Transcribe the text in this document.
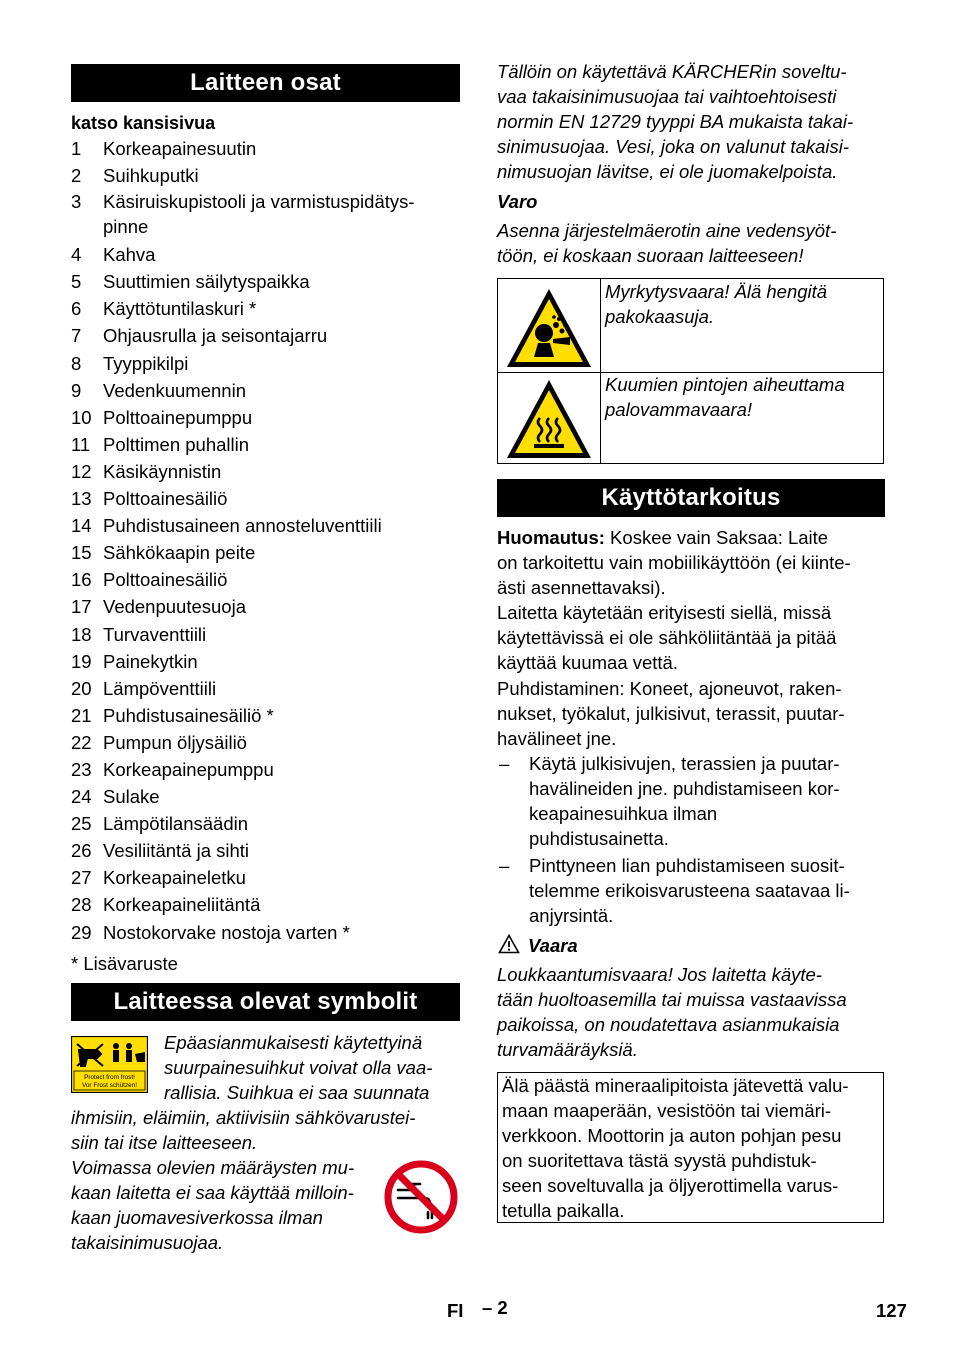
Laitteen osat
katso kansisivua
1	Korkeapainesuutin
2	Suihkuputki
3	Käsiruiskupistooli ja varmistuspidätys-
pinne
4	Kahva
5	Suuttimien säilytyspaikka
6	Käyttötuntilaskuri *
7	Ohjausrulla ja seisontajarru
8	Tyyppikilpi
9	Vedenkuumennin
10 Polttoainepumppu
11 Polttimen puhallin
12 Käsikäynnistin
13 Polttoainesäiliö
14 Puhdistusaineen annosteluventtiili
15 Sähkökaapin peite
16 Polttoainesäiliö
17 Vedenpuutesuoja
18 Turvaventtiili
19 Painekytkin
20 Lämpöventtiili
21 Puhdistusainesäiliö *
22 Pumpun öljysäiliö
23 Korkeapainepumppu
24 Sulake
25 Lämpötilansäädin
26 Vesiliitäntä ja sihti
27 Korkeapaineletku
28 Korkeapaineliitäntä
29 Nostokorvake nostoja varten *
* Lisävaruste
Laitteessa olevat symbolit
Protect from frost!
Vor Frost schützen!
Epäasianmukaisesti käytettyinä
suurpainesuihkut voivat olla vaa-
rallisia. Suihkua ei saa suunnata
ihmisiin, eläimiin, aktiivisiin sähkövarustei-
siin tai itse laitteeseen.
Voimassa olevien määräysten mu-
kaan laitetta ei saa käyttää milloin-
kaan juomavesiverkossa ilman
takaisinimusuojaa.
Tällöin on käytettävä KÄRCHERin soveltu-
vaa takaisinimusuojaa tai vaihtoehtoisesti
normin EN 12729 tyyppi BA mukaista takai-
sinimusuojaa. Vesi, joka on valunut takaisi-
nimusuojan lävitse, ei ole juomakelpoista.
Varo
Asenna järjestelmäerotin aine vedensyöt-
töön, ei koskaan suoraan laitteeseen!
Myrkytysvaara! Älä hengitä
pakokaasuja.
Kuumien pintojen aiheuttama
palovammavaara!
Käyttötarkoitus
Huomautus: Koskee vain Saksaa: Laite
on tarkoitettu vain mobiilikäyttöön (ei kiinte-
ästi asennettavaksi).
Laitetta käytetään erityisesti siellä, missä
käytettävissä ei ole sähköliitäntää ja pitää
käyttää kuumaa vettä.
Puhdistaminen: Koneet, ajoneuvot, raken-
nukset, työkalut, julkisivut, terassit, puutar-
havälineet jne.
– Käytä julkisivujen, terassien ja puutar-
havälineiden jne. puhdistamiseen kor-
keapainesuihkua ilman
puhdistusainetta.
– Pinttyneen lian puhdistamiseen suosit-
telemme erikoisvarusteena saatavaa li-
anjyrsintä.
Vaara
Loukkaantumisvaara! Jos laitetta käyte-
tään huoltoasemilla tai muissa vastaavissa
paikoissa, on noudatettava asianmukaisia
turvamääräyksiä.
Älä päästä mineraalipitoista jätevettä valu-
maan maaperään, vesistöön tai viemäri-
verkkoon. Moottorin ja auton pohjan pesu
on suoritettava tästä syystä puhdistuk-
seen soveltuvalla ja öljyerottimella varus-
tetulla paikalla.
FI – 2	127
